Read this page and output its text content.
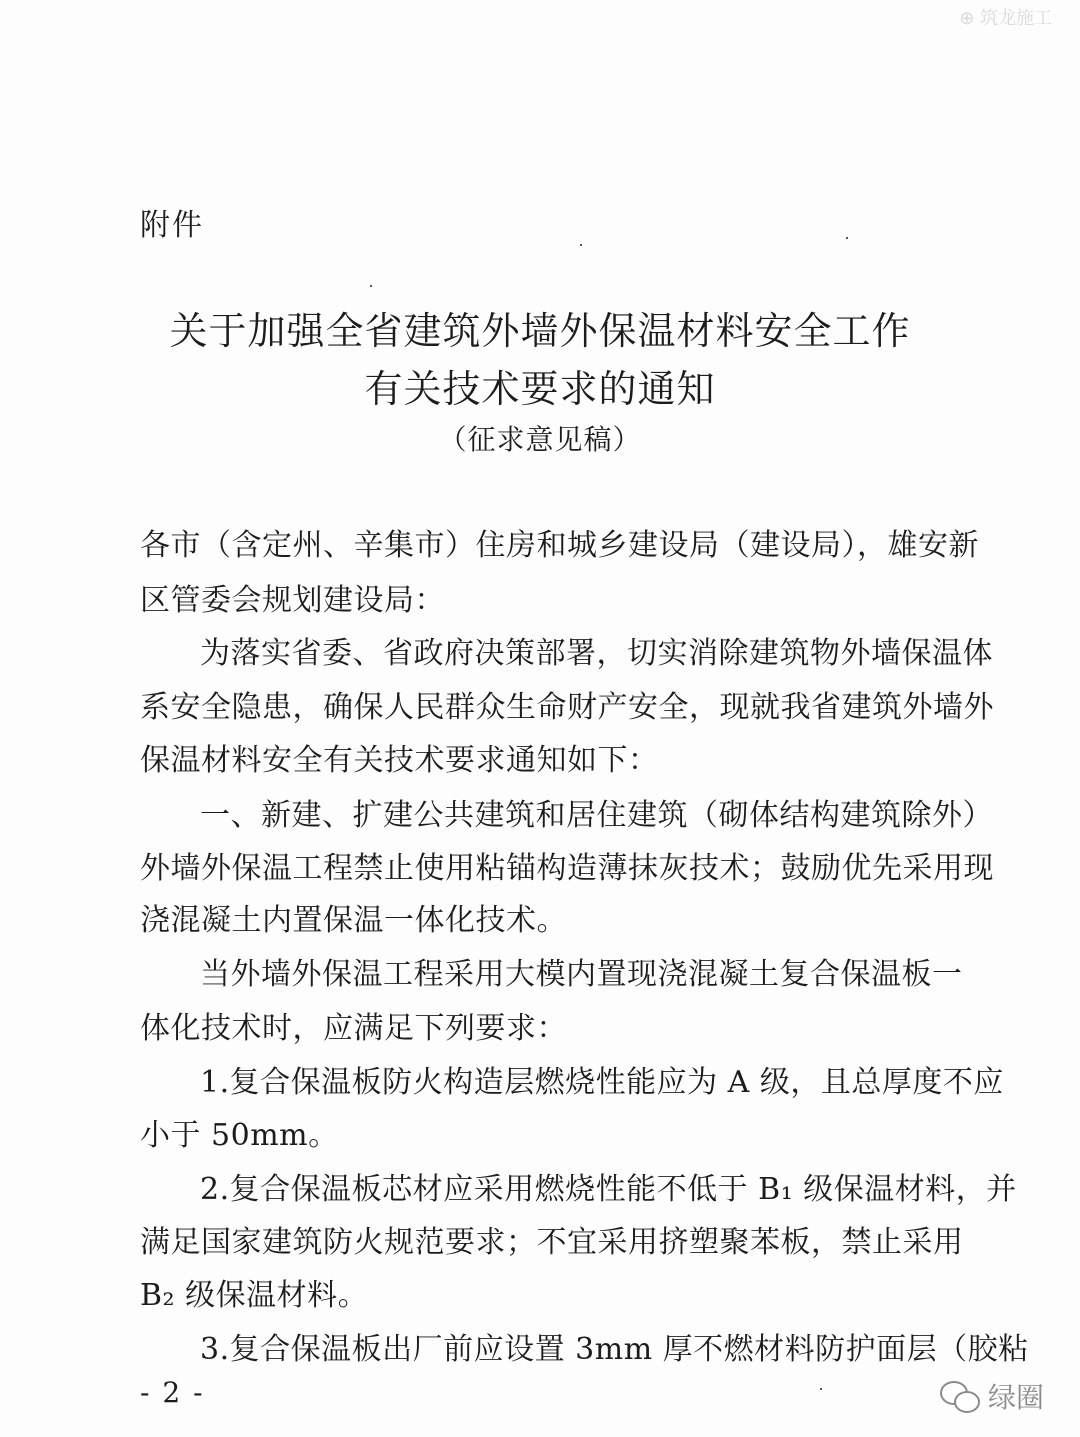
⊕ 筑龙施工
附件
关于加强全省建筑外墙外保温材料安全工作
有关技术要求的通知
（征求意见稿）
各市（含定州、辛集市）住房和城乡建设局（建设局），雄安新
区管委会规划建设局：
为落实省委、省政府决策部署，切实消除建筑物外墙保温体
系安全隐患，确保人民群众生命财产安全，现就我省建筑外墙外
保温材料安全有关技术要求通知如下：
一、新建、扩建公共建筑和居住建筑（砌体结构建筑除外）
外墙外保温工程禁止使用粘锚构造薄抹灰技术；鼓励优先采用现
浇混凝土内置保温一体化技术。
当外墙外保温工程采用大模内置现浇混凝土复合保温板一
体化技术时，应满足下列要求：
1.复合保温板防火构造层燃烧性能应为 A 级，且总厚度不应
小于 50mm。
2.复合保温板芯材应采用燃烧性能不低于 B₁ 级保温材料，并
满足国家建筑防火规范要求；不宜采用挤塑聚苯板，禁止采用
B₂ 级保温材料。
3.复合保温板出厂前应设置 3mm 厚不燃材料防护面层（胶粘
- 2 -	绿圈
